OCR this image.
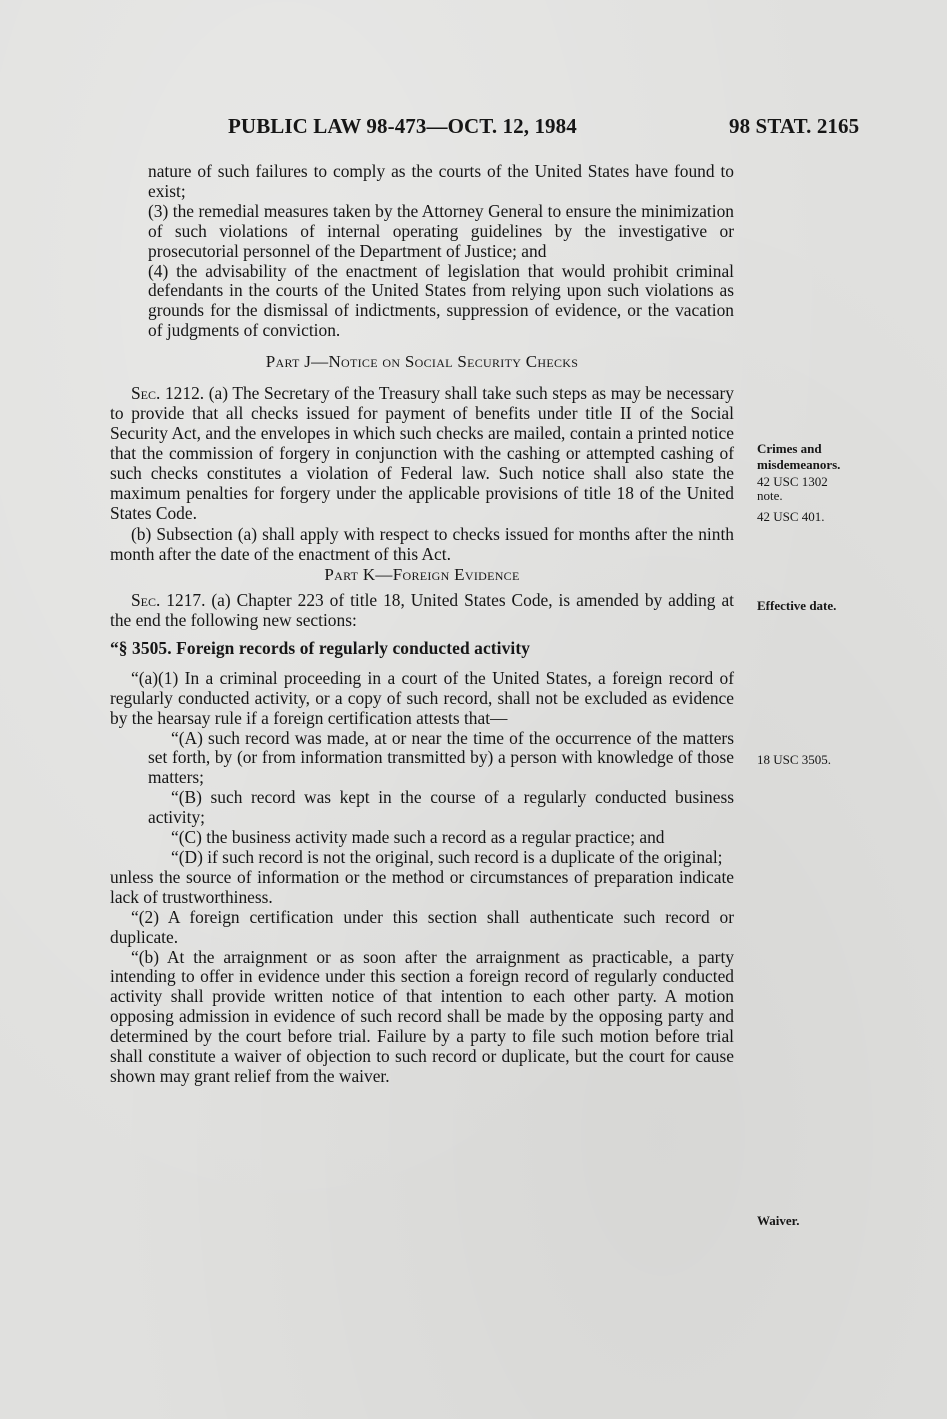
PUBLIC LAW 98-473—OCT. 12, 1984	98 STAT. 2165

nature of such failures to comply as the courts of the United States have found to exist;

(3) the remedial measures taken by the Attorney General to ensure the minimization of such violations of internal operating guidelines by the investigative or prosecutorial personnel of the Department of Justice; and

(4) the advisability of the enactment of legislation that would prohibit criminal defendants in the courts of the United States from relying upon such violations as grounds for the dismissal of indictments, suppression of evidence, or the vacation of judgments of conviction.

Part J—Notice on Social Security Checks

Sec. 1212. (a) The Secretary of the Treasury shall take such steps as may be necessary to provide that all checks issued for payment of benefits under title II of the Social Security Act, and the envelopes in which such checks are mailed, contain a printed notice that the commission of forgery in conjunction with the cashing or attempted cashing of such checks constitutes a violation of Federal law. Such notice shall also state the maximum penalties for forgery under the applicable provisions of title 18 of the United States Code.

(b) Subsection (a) shall apply with respect to checks issued for months after the ninth month after the date of the enactment of this Act.

Part K—Foreign Evidence

Sec. 1217. (a) Chapter 223 of title 18, United States Code, is amended by adding at the end the following new sections:

“§ 3505. Foreign records of regularly conducted activity

“(a)(1) In a criminal proceeding in a court of the United States, a foreign record of regularly conducted activity, or a copy of such record, shall not be excluded as evidence by the hearsay rule if a foreign certification attests that—

“(A) such record was made, at or near the time of the occurrence of the matters set forth, by (or from information transmitted by) a person with knowledge of those matters;

“(B) such record was kept in the course of a regularly conducted business activity;

“(C) the business activity made such a record as a regular practice; and

“(D) if such record is not the original, such record is a duplicate of the original;

unless the source of information or the method or circumstances of preparation indicate lack of trustworthiness.

“(2) A foreign certification under this section shall authenticate such record or duplicate.

“(b) At the arraignment or as soon after the arraignment as practicable, a party intending to offer in evidence under this section a foreign record of regularly conducted activity shall provide written notice of that intention to each other party. A motion opposing admission in evidence of such record shall be made by the opposing party and determined by the court before trial. Failure by a party to file such motion before trial shall constitute a waiver of objection to such record or duplicate, but the court for cause shown may grant relief from the waiver.

Crimes and
misdemeanors.
42 USC 1302
note.
42 USC 401.
Effective date.
18 USC 3505.
Waiver.
